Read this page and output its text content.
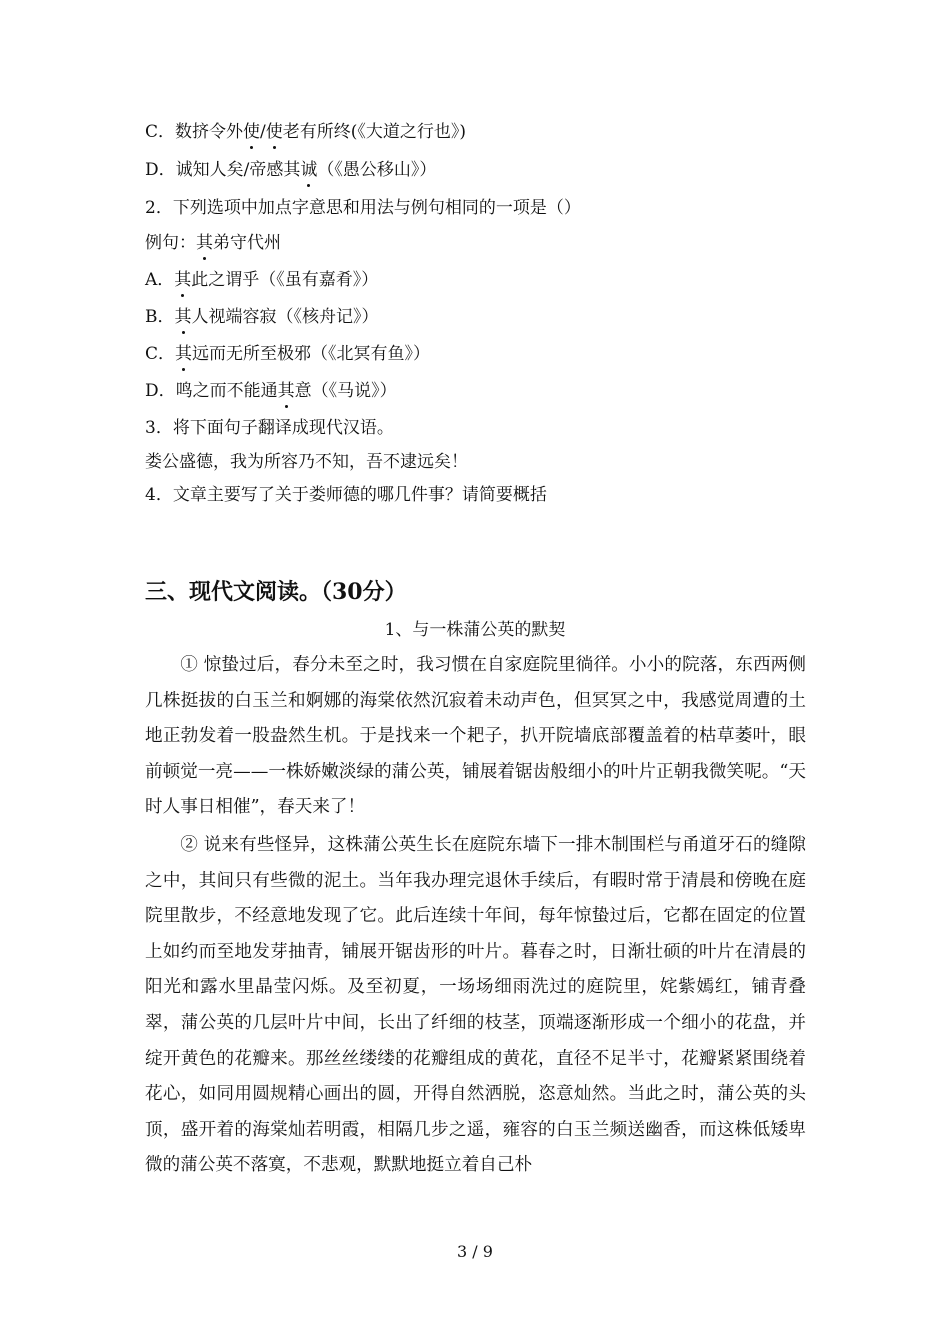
C．数挤令外使/使老有所终(《大道之行也》)
D．诚知人矣/帝感其诚（《愚公移山》）
2．下列选项中加点字意思和用法与例句相同的一项是（）
例句：其弟守代州
A．其此之谓乎（《虽有嘉肴》）
B．其人视端容寂（《核舟记》）
C．其远而无所至极邪（《北冥有鱼》）
D．鸣之而不能通其意（《马说》）
3．将下面句子翻译成现代汉语。
娄公盛德，我为所容乃不知，吾不逮远矣！
4．文章主要写了关于娄师德的哪几件事？请简要概括
三、现代文阅读。（30分）
1、与一株蒲公英的默契
① 惊蛰过后，春分未至之时，我习惯在自家庭院里徜徉。小小的院落，东西两侧几株挺拔的白玉兰和婀娜的海棠依然沉寂着未动声色，但冥冥之中，我感觉周遭的土地正勃发着一股盎然生机。于是找来一个耙子，扒开院墙底部覆盖着的枯草萎叶，眼前顿觉一亮——一株娇嫩淡绿的蒲公英，铺展着锯齿般细小的叶片正朝我微笑呢。“天时人事日相催”，春天来了！
② 说来有些怪异，这株蒲公英生长在庭院东墙下一排木制围栏与甬道牙石的缝隙之中，其间只有些微的泥土。当年我办理完退休手续后，有暇时常于清晨和傍晚在庭院里散步，不经意地发现了它。此后连续十年间，每年惊蛰过后，它都在固定的位置上如约而至地发芽抽青，铺展开锯齿形的叶片。暮春之时，日渐壮硕的叶片在清晨的阳光和露水里晶莹闪烁。及至初夏，一场场细雨洗过的庭院里，姹紫嫣红，铺青叠翠，蒲公英的几层叶片中间，长出了纤细的枝茎，顶端逐渐形成一个细小的花盘，并绽开黄色的花瓣来。那丝丝缕缕的花瓣组成的黄花，直径不足半寸，花瓣紧紧围绕着花心，如同用圆规精心画出的圆，开得自然洒脱，恣意灿然。当此之时，蒲公英的头顶，盛开着的海棠灿若明霞，相隔几步之遥，雍容的白玉兰频送幽香，而这株低矮卑微的蒲公英不落寞，不悲观，默默地挺立着自己朴
3 / 9
